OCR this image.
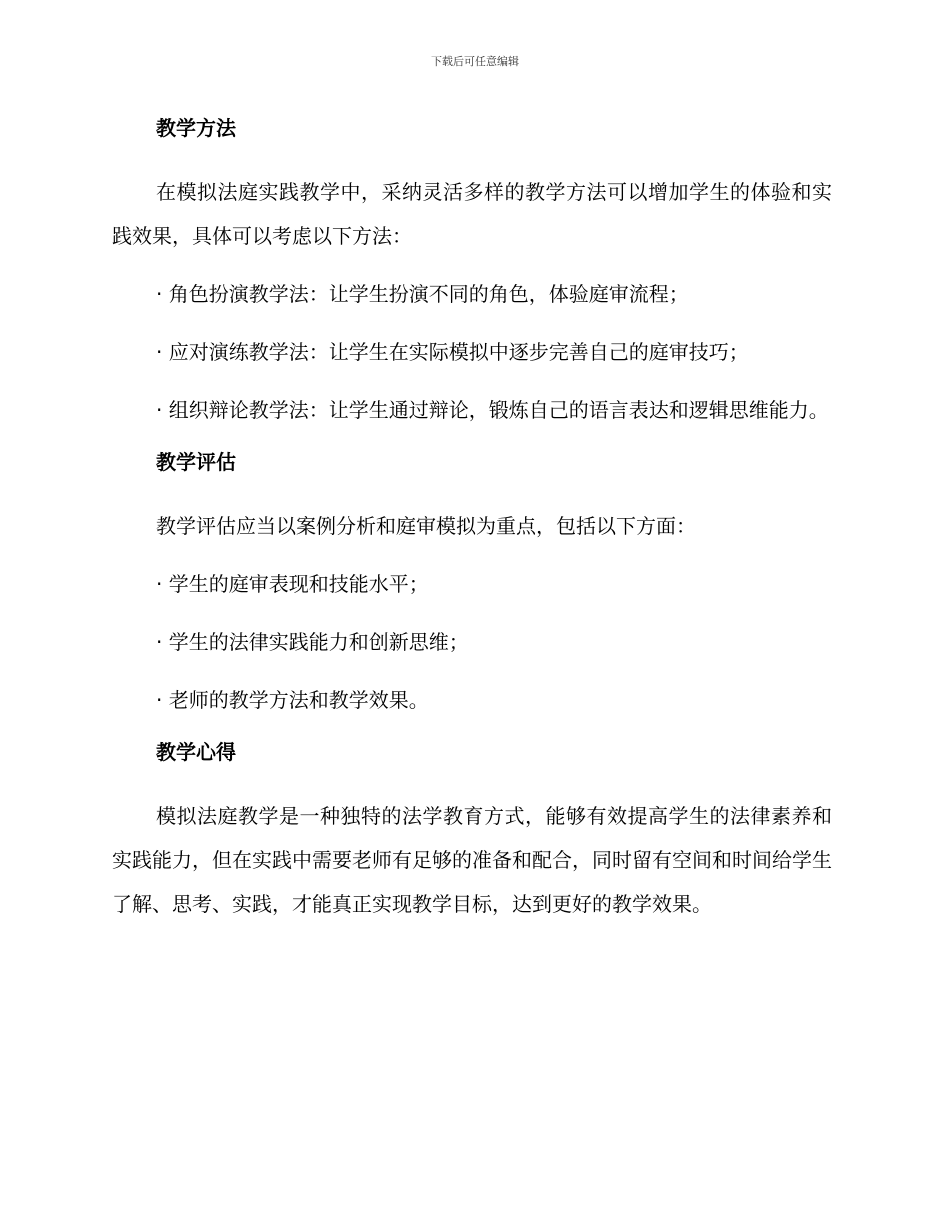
下载后可任意编辑
教学方法

在模拟法庭实践教学中，采纳灵活多样的教学方法可以增加学生的体验和实践效果，具体可以考虑以下方法：

· 角色扮演教学法：让学生扮演不同的角色，体验庭审流程；

· 应对演练教学法：让学生在实际模拟中逐步完善自己的庭审技巧；

· 组织辩论教学法：让学生通过辩论，锻炼自己的语言表达和逻辑思维能力。

教学评估

教学评估应当以案例分析和庭审模拟为重点，包括以下方面：

· 学生的庭审表现和技能水平；

· 学生的法律实践能力和创新思维；

· 老师的教学方法和教学效果。

教学心得

模拟法庭教学是一种独特的法学教育方式，能够有效提高学生的法律素养和实践能力，但在实践中需要老师有足够的准备和配合，同时留有空间和时间给学生了解、思考、实践，才能真正实现教学目标，达到更好的教学效果。
